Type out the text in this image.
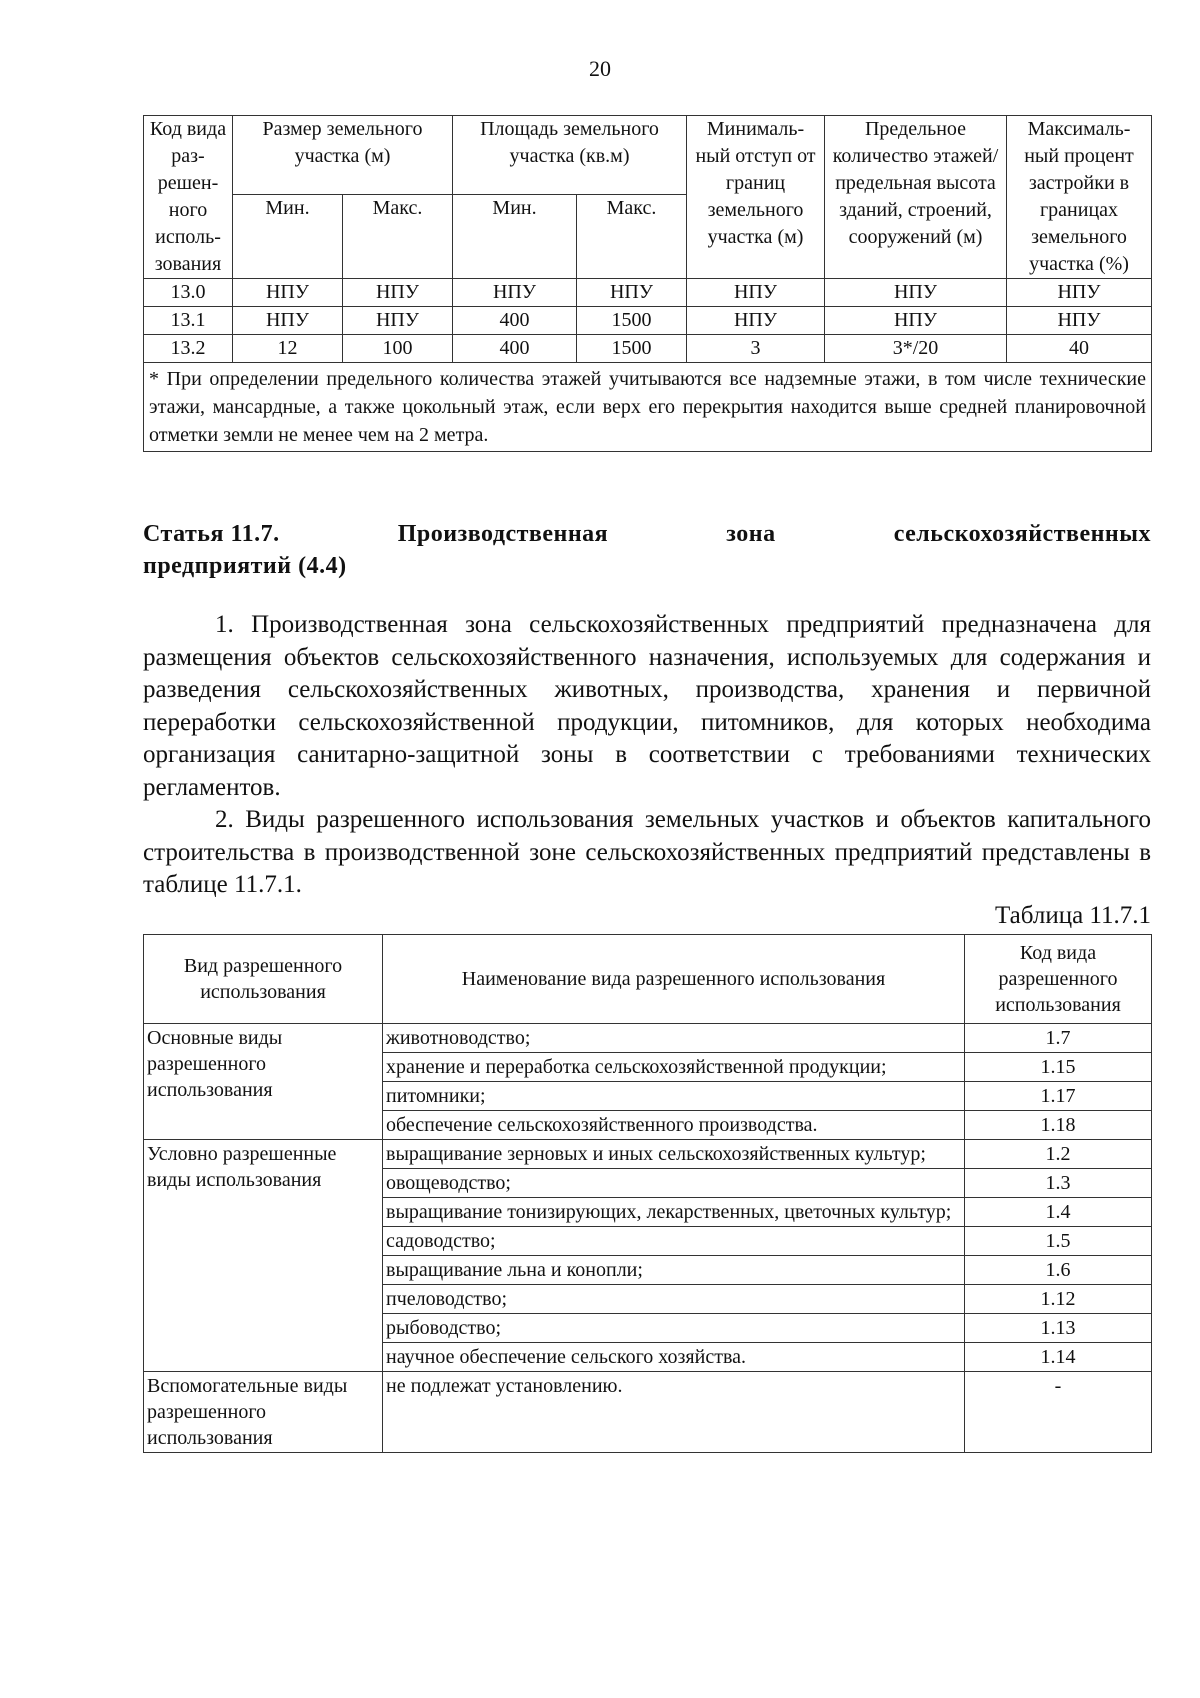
20
Код вида раз- решен- ного исполь- зования	Размер земельного участка (м)		Площадь земельного участка (кв.м)		Минималь- ный отступ от границ земельного участка (м)	Предельное количество этажей/ предельная высота зданий, строений, сооружений (м)	Максималь- ный процент застройки в границах земельного участка (%)
	Мин.	Макс.	Мин.	Макс.			
13.0	НПУ	НПУ	НПУ	НПУ	НПУ	НПУ	НПУ
13.1	НПУ	НПУ	400	1500	НПУ	НПУ	НПУ
13.2	12	100	400	1500	3	3*/20	40
* При определении предельного количества этажей учитываются все надземные этажи, в том числе технические этажи, мансардные, а также цокольный этаж, если верх его перекрытия находится выше средней планировочной отметки земли не менее чем на 2 метра.							
Статья 11.7.	Производственная	зона	сельскохозяйственных
предприятий (4.4)

1. Производственная зона сельскохозяйственных предприятий предназначена для размещения объектов сельскохозяйственного назначения, используемых для содержания и разведения сельскохозяйственных животных, производства, хранения и первичной переработки сельскохозяйственной продукции, питомников, для которых необходима организация санитарно-защитной зоны в соответствии с требованиями технических регламентов.

2. Виды разрешенного использования земельных участков и объектов капитального строительства в производственной зоне сельскохозяйственных предприятий представлены в таблице 11.7.1.

Таблица 11.7.1
Вид разрешенного использования	Наименование вида разрешенного использования	Код вида разрешенного использования
Основные виды разрешенного использования	животноводство;	1.7
	хранение и переработка сельскохозяйственной продукции;	1.15
	питомники;	1.17
	обеспечение сельскохозяйственного производства.	1.18
Условно разрешенные виды использования	выращивание зерновых и иных сельскохозяйственных культур;	1.2
	овощеводство;	1.3
	выращивание тонизирующих, лекарственных, цветочных культур;	1.4
	садоводство;	1.5
	выращивание льна и конопли;	1.6
	пчеловодство;	1.12
	рыбоводство;	1.13
	научное обеспечение сельского хозяйства.	1.14
Вспомогательные виды разрешенного использования	не подлежат установлению.	-
